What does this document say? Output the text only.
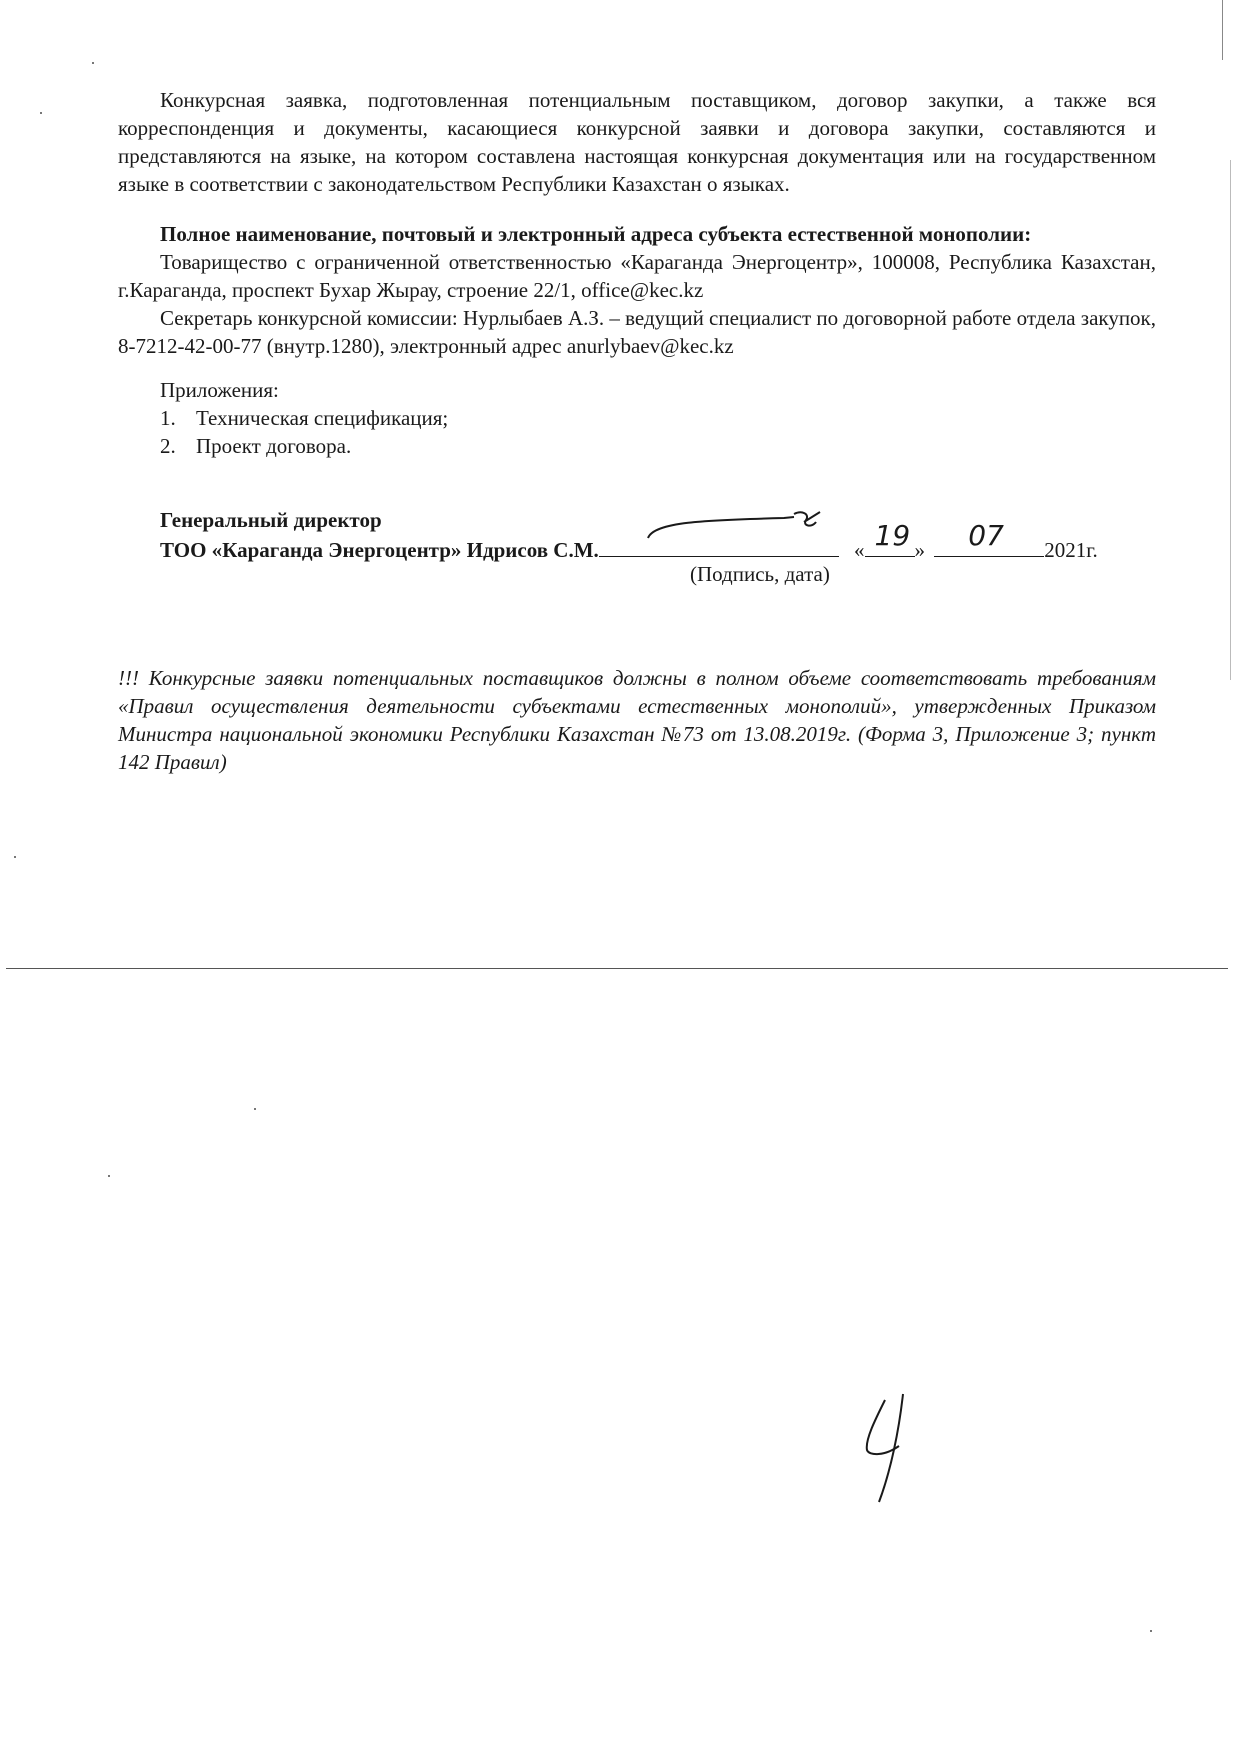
Конкурсная заявка, подготовленная потенциальным поставщиком, договор закупки, а также вся корреспонденция и документы, касающиеся конкурсной заявки и договора закупки, составляются и представляются на языке, на котором составлена настоящая конкурсная документация или на государственном языке в соответствии с законодательством Республики Казахстан о языках.

Полное наименование, почтовый и электронный адреса субъекта естественной монополии:

Товарищество с ограниченной ответственностью «Караганда Энергоцентр», 100008, Республика Казахстан, г.Караганда, проспект Бухар Жырау, строение 22/1, office@kec.kz

Секретарь конкурсной комиссии: Нурлыбаев А.З. – ведущий специалист по договорной работе отдела закупок, 8-7212-42-00-77 (внутр.1280), электронный адрес anurlybaev@kec.kz

Приложения:
1. Техническая спецификация;
2. Проект договора.
Генеральный директор
ТОО «Караганда Энергоцентр» Идрисов С.М.	« 19 » 07 2021г.
(Подпись, дата)

!!! Конкурсные заявки потенциальных поставщиков должны в полном объеме соответствовать требованиям «Правил осуществления деятельности субъектами естественных монополий», утвержденных Приказом Министра национальной экономики Республики Казахстан №73 от 13.08.2019г. (Форма 3, Приложение 3; пункт 142 Правил)
